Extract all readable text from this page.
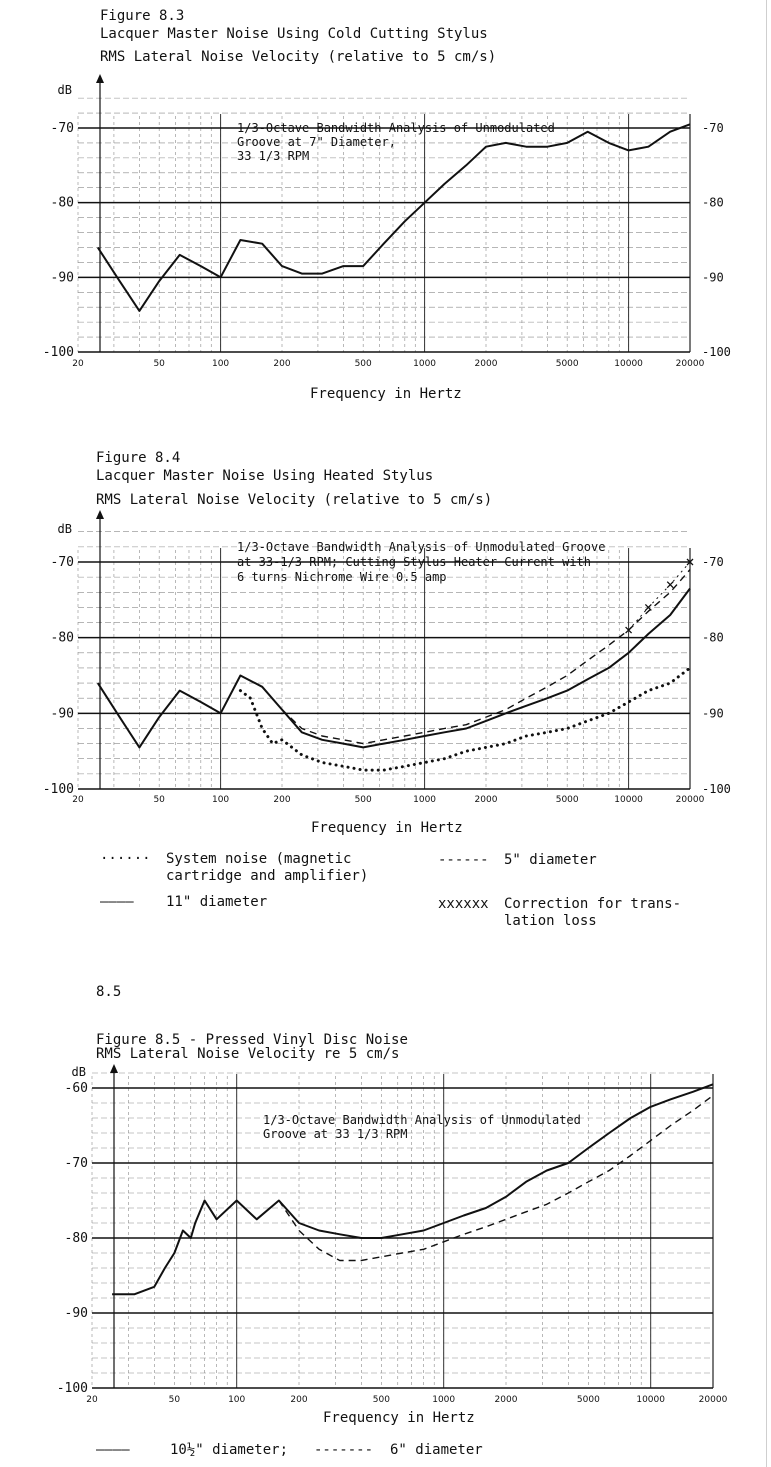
Figure 8.3
Lacquer Master Noise Using Cold Cutting Stylus
RMS Lateral Noise Velocity (relative to 5 cm/s)
dB
-70
-80
-90
-100
-70
-80
-90
-100
20	50	100	200	500	1000	2000	5000	10000	20000
1/3-Octave Bandwidth Analysis of Unmodulated
Groove at 7" Diameter,
33 1/3 RPM
Frequency in Hertz
Figure 8.4
Lacquer Master Noise Using Heated Stylus
RMS Lateral Noise Velocity (relative to 5 cm/s)
dB
-70
-80
-90
-100
-70
-80
-90
-100
20	50	100	200	500	1000	2000	5000	10000	20000
1/3-Octave Bandwidth Analysis of Unmodulated Groove
at 33-1/3 RPM; Cutting Stylus Heater Current with
6 turns Nichrome Wire 0.5 amp
Frequency in Hertz
······ System noise (magnetic
cartridge and amplifier)
———— 11" diameter
------ 5" diameter
xxxxxx Correction for trans-
lation loss
8.5
Figure 8.5 - Pressed Vinyl Disc Noise
RMS Lateral Noise Velocity re 5 cm/s
dB
-60
-70
-80
-90
-100
20	50	100	200	500	1000	2000	5000	10000	20000
1/3-Octave Bandwidth Analysis of Unmodulated
Groove at 33 1/3 RPM
Frequency in Hertz
————	10½" diameter; ------- 6" diameter
